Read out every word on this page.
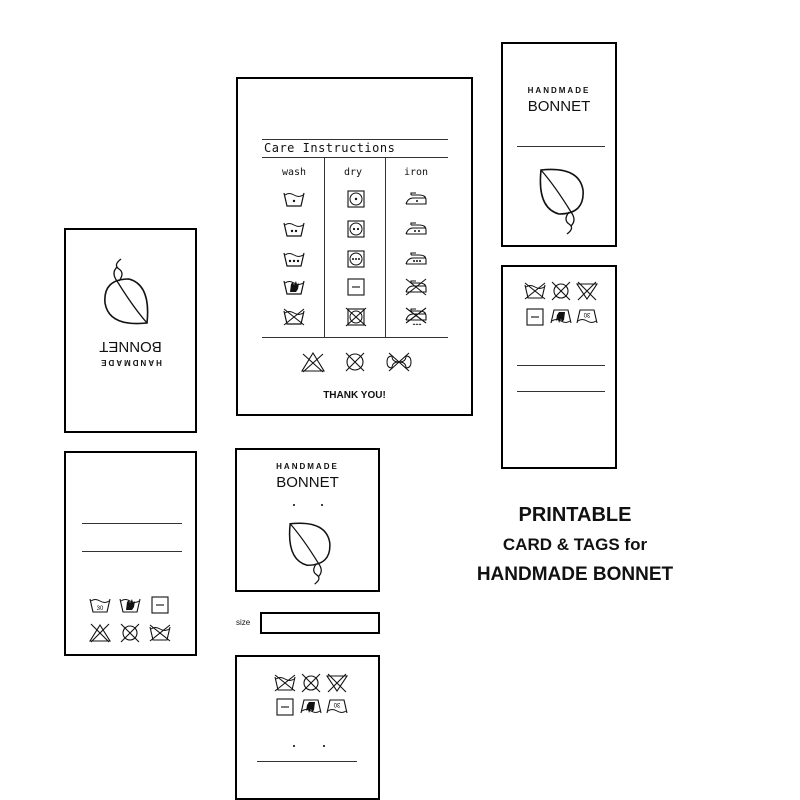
Care Instructions
wash	dry	iron
THANK YOU!
HANDMADE
BONNET
HANDMADE
BONNET
30
30
HANDMADE
BONNET
size
30
PRINTABLE
CARD & TAGS for
HANDMADE BONNET
